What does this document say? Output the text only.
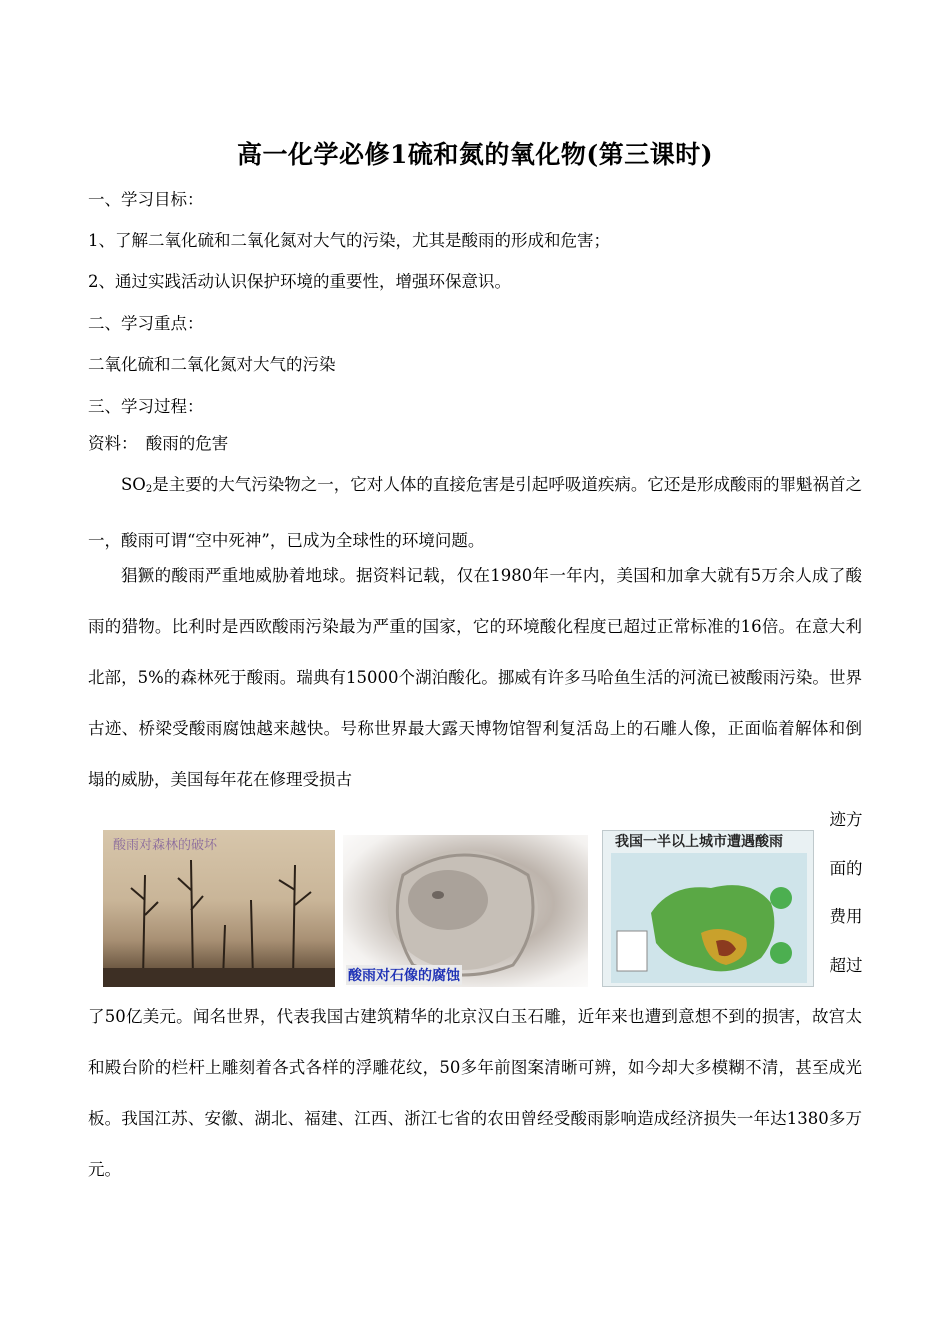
高一化学必修1硫和氮的氧化物(第三课时)
一、学习目标：
1、了解二氧化硫和二氧化氮对大气的污染，尤其是酸雨的形成和危害；
2、通过实践活动认识保护环境的重要性，增强环保意识。
二、学习重点：
二氧化硫和二氧化氮对大气的污染
三、学习过程：
资料：　酸雨的危害
$SO_2$是主要的大气污染物之一，它对人体的直接危害是引起呼吸道疾病。它还是形成酸雨的罪魁祸首之一，酸雨可谓“空中死神”，已成为全球性的环境问题。
猖獗的酸雨严重地威胁着地球。据资料记载，仅在1980年一年内，美国和加拿大就有5万余人成了酸雨的猎物。比利时是西欧酸雨污染最为严重的国家，它的环境酸化程度已超过正常标准的16倍。在意大利北部，5%的森林死于酸雨。瑞典有15000个湖泊酸化。挪威有许多马哈鱼生活的河流已被酸雨污染。世界古迹、桥梁受酸雨腐蚀越来越快。号称世界最大露天博物馆智利复活岛上的石雕人像，正面临着解体和倒塌的威胁，美国每年花在修理受损古
迹方
面的
费用
超过
酸雨对森林的破坏
酸雨对石像的腐蚀
我国一半以上城市遭遇酸雨
了50亿美元。闻名世界，代表我国古建筑精华的北京汉白玉石雕，近年来也遭到意想不到的损害，故宫太和殿台阶的栏杆上雕刻着各式各样的浮雕花纹，50多年前图案清晰可辨，如今却大多模糊不清，甚至成光板。我国江苏、安徽、湖北、福建、江西、浙江七省的农田曾经受酸雨影响造成经济损失一年达1380多万元。
